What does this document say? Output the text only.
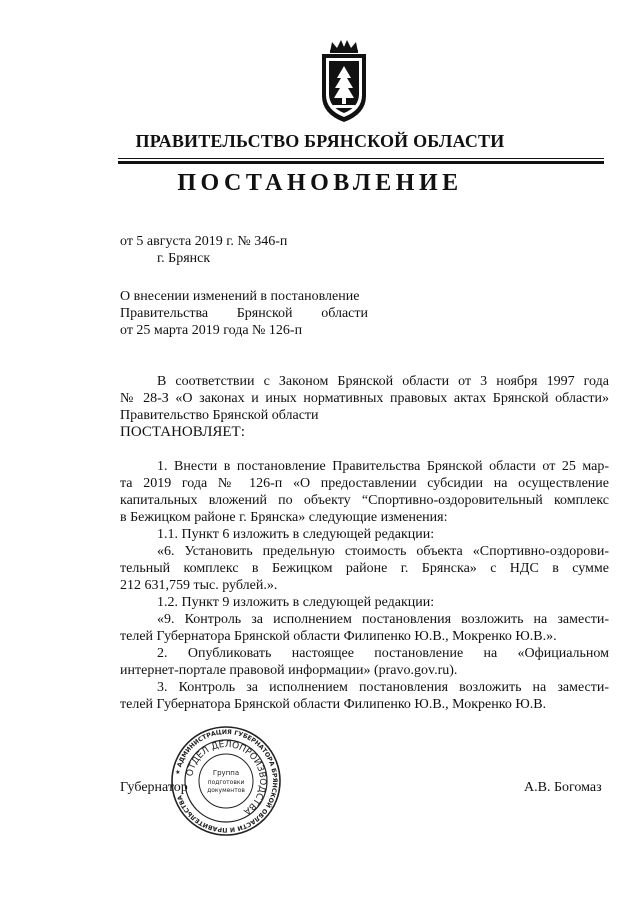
ПРАВИТЕЛЬСТВО БРЯНСКОЙ ОБЛАСТИ
ПОСТАНОВЛЕНИЕ
от 5 августа 2019 г. № 346-п
г. Брянск
О внесении изменений в постановление
Правительства Брянской области
от 25 марта 2019 года № 126-п
В соответствии с Законом Брянской области от 3 ноября 1997 года
№ 28-З «О законах и иных нормативных правовых актах Брянской области»
Правительство Брянской области
ПОСТАНОВЛЯЕТ:
1. Внести в постановление Правительства Брянской области от 25 мар-
та 2019 года № 126-п «О предоставлении субсидии на осуществление
капитальных вложений по объекту “Спортивно-оздоровительный комплекс
в Бежицком районе г. Брянска» следующие изменения:
1.1. Пункт 6 изложить в следующей редакции:
«6. Установить предельную стоимость объекта «Спортивно-оздорови-
тельный комплекс в Бежицком районе г. Брянска» с НДС в сумме
212 631,759 тыс. рублей.».
1.2. Пункт 9 изложить в следующей редакции:
«9. Контроль за исполнением постановления возложить на замести-
телей Губернатора Брянской области Филипенко Ю.В., Мокренко Ю.В.».
2. Опубликовать настоящее постановление на «Официальном
интернет-портале правовой информации» (pravo.gov.ru).
3. Контроль за исполнением постановления возложить на замести-
телей Губернатора Брянской области Филипенко Ю.В., Мокренко Ю.В.
Губернатор	А.В. Богомаз
★ АДМИНИСТРАЦИЯ ГУБЕРНАТОРА БРЯНСКОЙ ОБЛАСТИ И ПРАВИТЕЛЬСТВА
ОТДЕЛ ДЕЛОПРОИЗВОДСТВА
Группа
подготовки
документов
